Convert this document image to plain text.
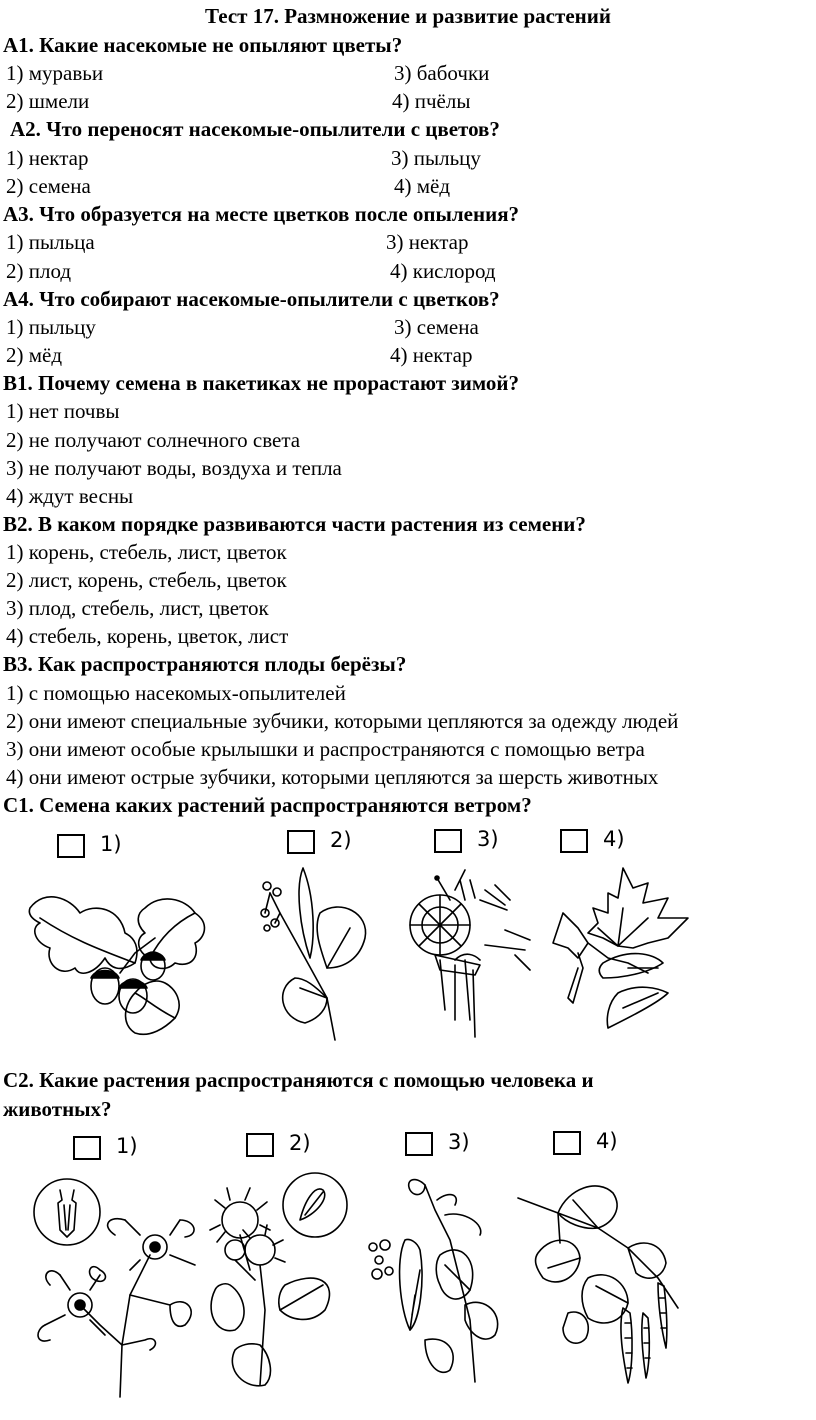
Тест 17. Размножение и развитие растений
А1. Какие насекомые не опыляют цветы?
1) муравьи	3) бабочки
2) шмели	4) пчёлы
А2. Что переносят насекомые-опылители с цветов?
1) нектар	3) пыльцу
2) семена	4) мёд
А3. Что образуется на месте цветков после опыления?
1) пыльца	3) нектар
2) плод	4) кислород
А4. Что собирают насекомые-опылители с цветков?
1) пыльцу	3) семена
2) мёд	4) нектар
В1. Почему семена в пакетиках не прорастают зимой?
1) нет почвы
2) не получают солнечного света
3) не получают воды, воздуха и тепла
4) ждут весны
В2. В каком порядке развиваются части растения из семени?
1) корень, стебель, лист, цветок
2) лист, корень, стебель, цветок
3) плод, стебель, лист, цветок
4) стебель, корень, цветок, лист
В3. Как распространяются плоды берёзы?
1) с помощью насекомых-опылителей
2) они имеют специальные зубчики, которыми цепляются за одежду людей
3) они имеют особые крылышки и распространяются с помощью ветра
4) они имеют острые зубчики, которыми цепляются за шерсть животных
С1. Семена каких растений распространяются ветром?
1)	2)	3)	4)
С2. Какие растения распространяются с помощью человека и
животных?
1)	2)	3)	4)
